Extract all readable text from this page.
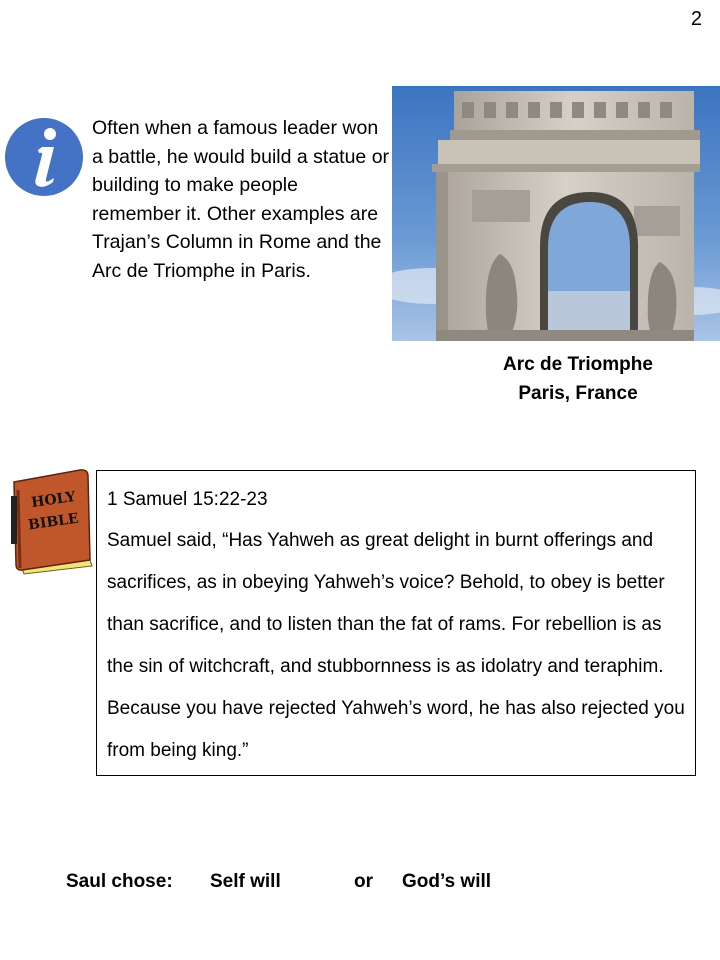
2

Often when a famous leader won a battle, he would build a statue or building to make people remember it. Other examples are Trajan’s Column in Rome and the Arc de Triomphe in Paris.

Arc de Triomphe
Paris, France
HOLY
BIBLE

1 Samuel 15:22-23

Samuel said, “Has Yahweh as great delight in burnt offerings and sacrifices, as in obeying Yahweh’s voice? Behold, to obey is better than sacrifice, and to listen than the fat of rams. For rebellion is as the sin of witchcraft, and stubbornness is as idolatry and teraphim. Because you have rejected Yahweh’s word, he has also rejected you from being king.”

Saul chose: Self will	or God’s will
